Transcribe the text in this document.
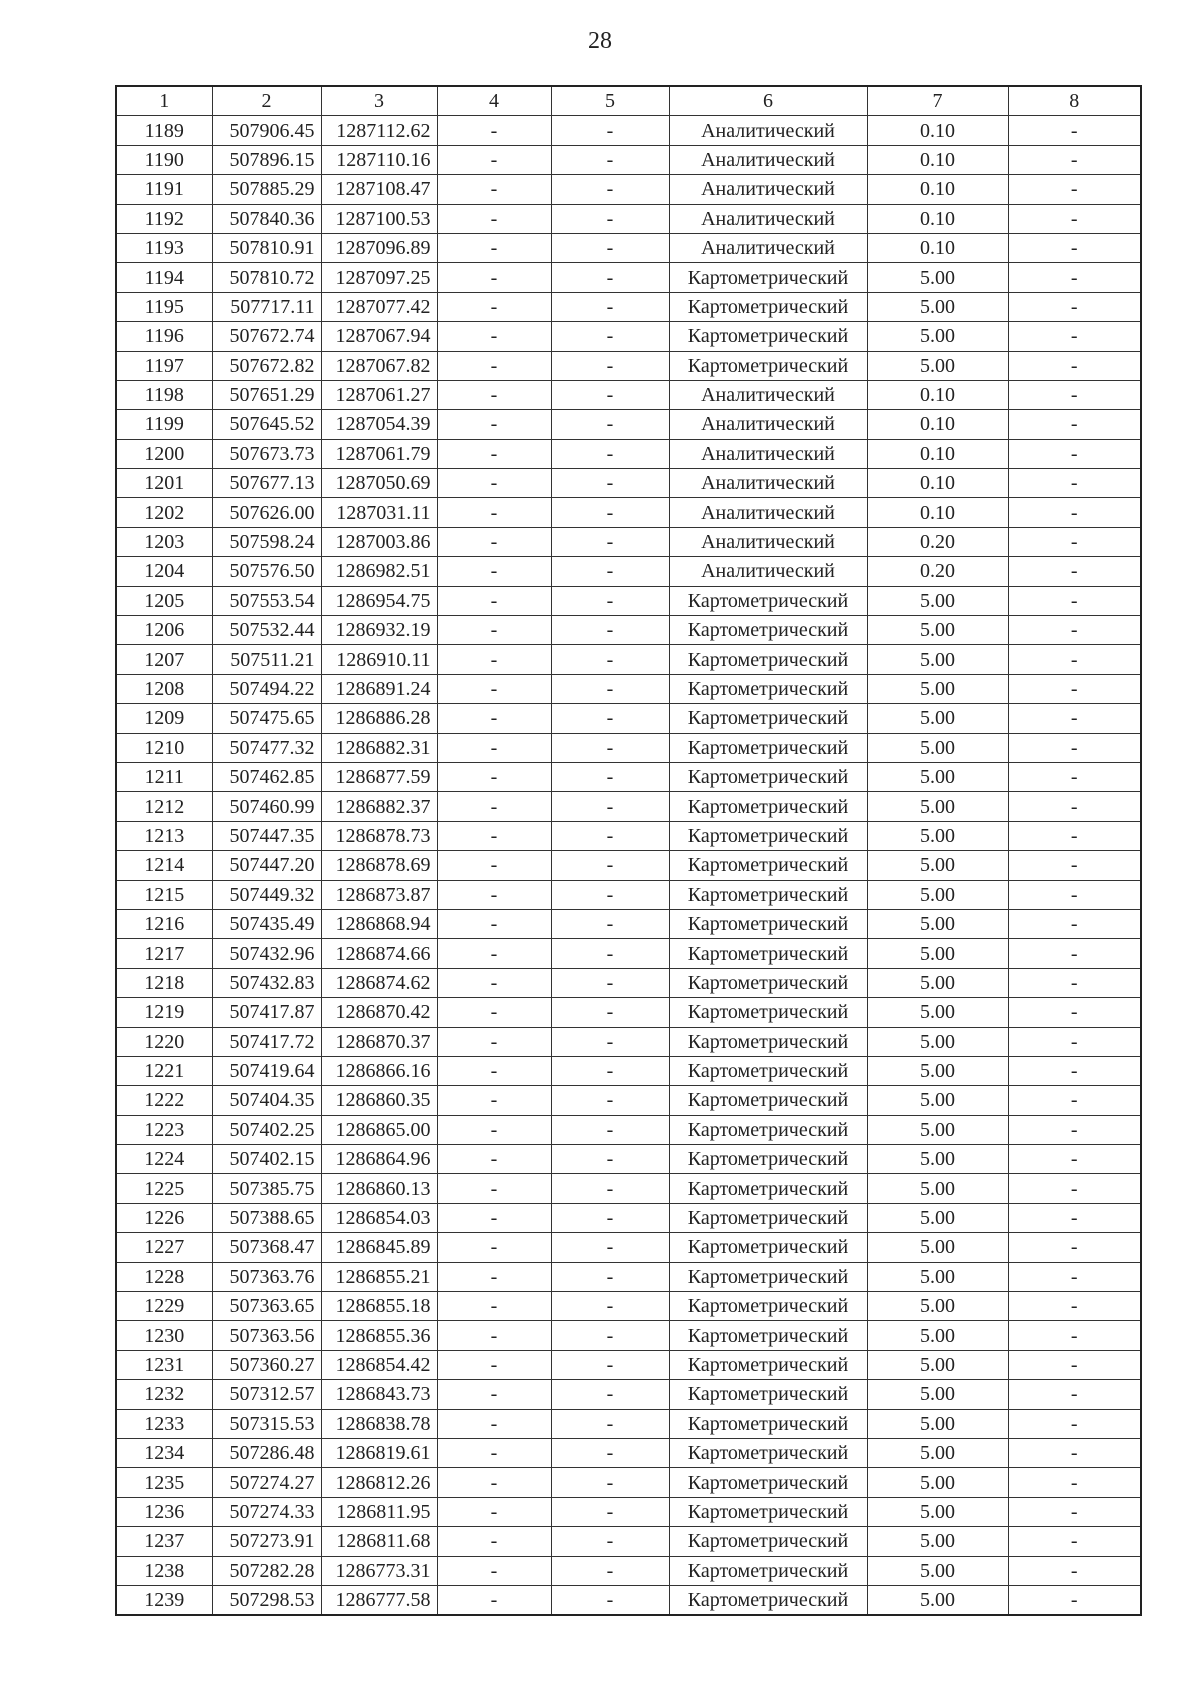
28
1	2	3	4	5	6	7	8
1189	507906.45	1287112.62	-	-	Аналитический	0.10	-
1190	507896.15	1287110.16	-	-	Аналитический	0.10	-
1191	507885.29	1287108.47	-	-	Аналитический	0.10	-
1192	507840.36	1287100.53	-	-	Аналитический	0.10	-
1193	507810.91	1287096.89	-	-	Аналитический	0.10	-
1194	507810.72	1287097.25	-	-	Картометрический	5.00	-
1195	507717.11	1287077.42	-	-	Картометрический	5.00	-
1196	507672.74	1287067.94	-	-	Картометрический	5.00	-
1197	507672.82	1287067.82	-	-	Картометрический	5.00	-
1198	507651.29	1287061.27	-	-	Аналитический	0.10	-
1199	507645.52	1287054.39	-	-	Аналитический	0.10	-
1200	507673.73	1287061.79	-	-	Аналитический	0.10	-
1201	507677.13	1287050.69	-	-	Аналитический	0.10	-
1202	507626.00	1287031.11	-	-	Аналитический	0.10	-
1203	507598.24	1287003.86	-	-	Аналитический	0.20	-
1204	507576.50	1286982.51	-	-	Аналитический	0.20	-
1205	507553.54	1286954.75	-	-	Картометрический	5.00	-
1206	507532.44	1286932.19	-	-	Картометрический	5.00	-
1207	507511.21	1286910.11	-	-	Картометрический	5.00	-
1208	507494.22	1286891.24	-	-	Картометрический	5.00	-
1209	507475.65	1286886.28	-	-	Картометрический	5.00	-
1210	507477.32	1286882.31	-	-	Картометрический	5.00	-
1211	507462.85	1286877.59	-	-	Картометрический	5.00	-
1212	507460.99	1286882.37	-	-	Картометрический	5.00	-
1213	507447.35	1286878.73	-	-	Картометрический	5.00	-
1214	507447.20	1286878.69	-	-	Картометрический	5.00	-
1215	507449.32	1286873.87	-	-	Картометрический	5.00	-
1216	507435.49	1286868.94	-	-	Картометрический	5.00	-
1217	507432.96	1286874.66	-	-	Картометрический	5.00	-
1218	507432.83	1286874.62	-	-	Картометрический	5.00	-
1219	507417.87	1286870.42	-	-	Картометрический	5.00	-
1220	507417.72	1286870.37	-	-	Картометрический	5.00	-
1221	507419.64	1286866.16	-	-	Картометрический	5.00	-
1222	507404.35	1286860.35	-	-	Картометрический	5.00	-
1223	507402.25	1286865.00	-	-	Картометрический	5.00	-
1224	507402.15	1286864.96	-	-	Картометрический	5.00	-
1225	507385.75	1286860.13	-	-	Картометрический	5.00	-
1226	507388.65	1286854.03	-	-	Картометрический	5.00	-
1227	507368.47	1286845.89	-	-	Картометрический	5.00	-
1228	507363.76	1286855.21	-	-	Картометрический	5.00	-
1229	507363.65	1286855.18	-	-	Картометрический	5.00	-
1230	507363.56	1286855.36	-	-	Картометрический	5.00	-
1231	507360.27	1286854.42	-	-	Картометрический	5.00	-
1232	507312.57	1286843.73	-	-	Картометрический	5.00	-
1233	507315.53	1286838.78	-	-	Картометрический	5.00	-
1234	507286.48	1286819.61	-	-	Картометрический	5.00	-
1235	507274.27	1286812.26	-	-	Картометрический	5.00	-
1236	507274.33	1286811.95	-	-	Картометрический	5.00	-
1237	507273.91	1286811.68	-	-	Картометрический	5.00	-
1238	507282.28	1286773.31	-	-	Картометрический	5.00	-
1239	507298.53	1286777.58	-	-	Картометрический	5.00	-
